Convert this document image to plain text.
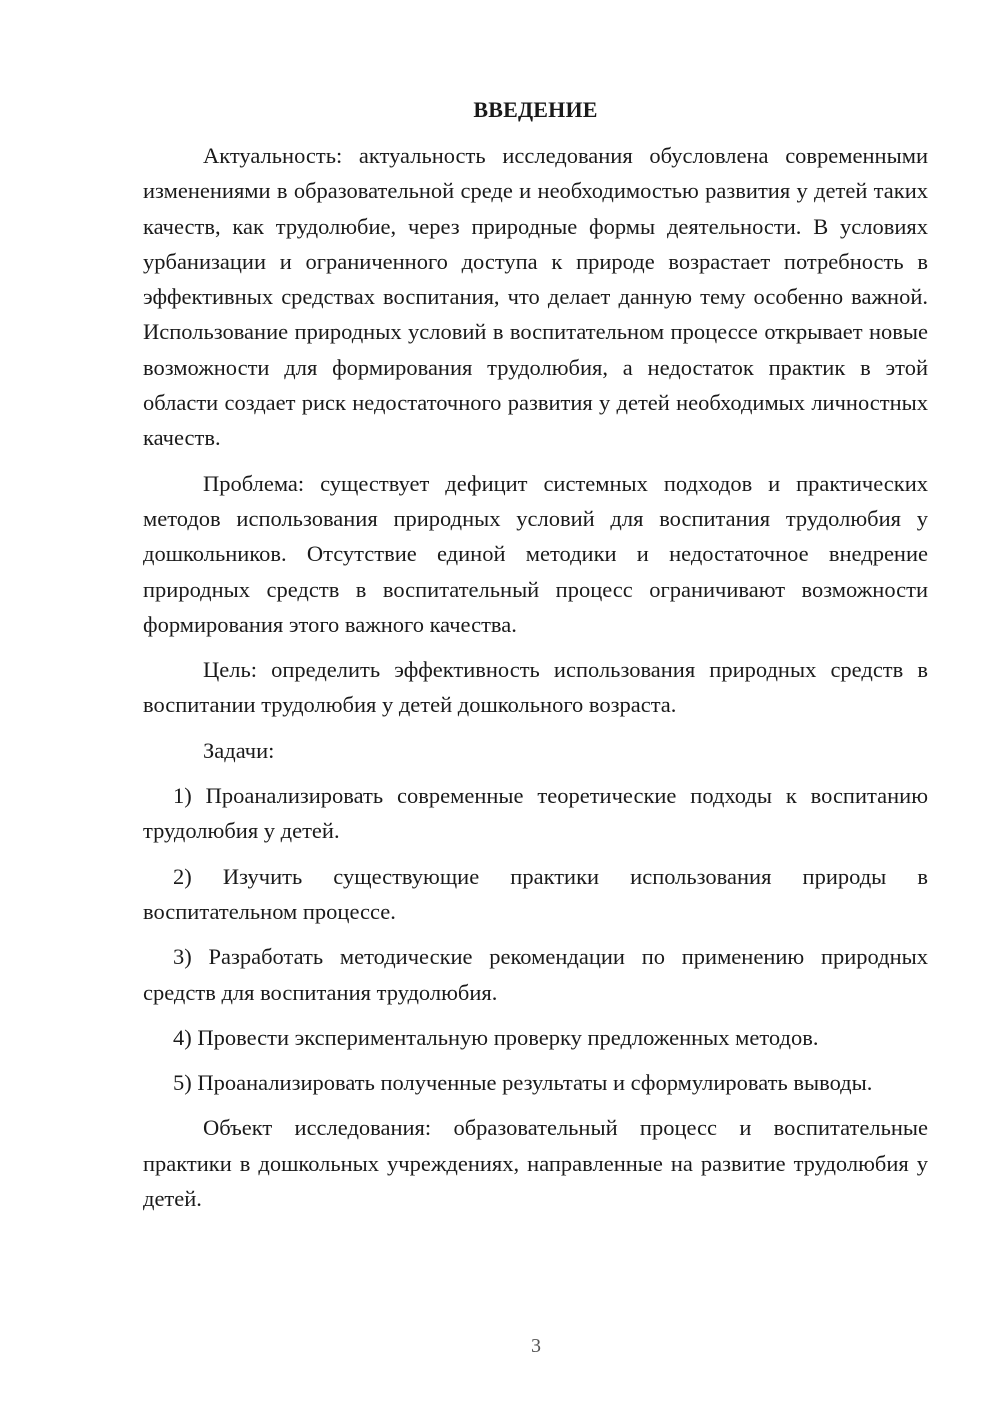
ВВЕДЕНИЕ

Актуальность: актуальность исследования обусловлена современными изменениями в образовательной среде и необходимостью развития у детей таких качеств, как трудолюбие, через природные формы деятельности. В условиях урбанизации и ограниченного доступа к природе возрастает потребность в эффективных средствах воспитания, что делает данную тему особенно важной. Использование природных условий в воспитательном процессе открывает новые возможности для формирования трудолюбия, а недостаток практик в этой области создает риск недостаточного развития у детей необходимых личностных качеств.

Проблема: существует дефицит системных подходов и практических методов использования природных условий для воспитания трудолюбия у дошкольников. Отсутствие единой методики и недостаточное внедрение природных средств в воспитательный процесс ограничивают возможности формирования этого важного качества.

Цель: определить эффективность использования природных средств в воспитании трудолюбия у детей дошкольного возраста.

Задачи:

1) Проанализировать современные теоретические подходы к воспитанию трудолюбия у детей.

2) Изучить существующие практики использования природы в воспитательном процессе.

3) Разработать методические рекомендации по применению природных средств для воспитания трудолюбия.

4) Провести экспериментальную проверку предложенных методов.

5) Проанализировать полученные результаты и сформулировать выводы.

Объект исследования: образовательный процесс и воспитательные практики в дошкольных учреждениях, направленные на развитие трудолюбия у детей.

3
